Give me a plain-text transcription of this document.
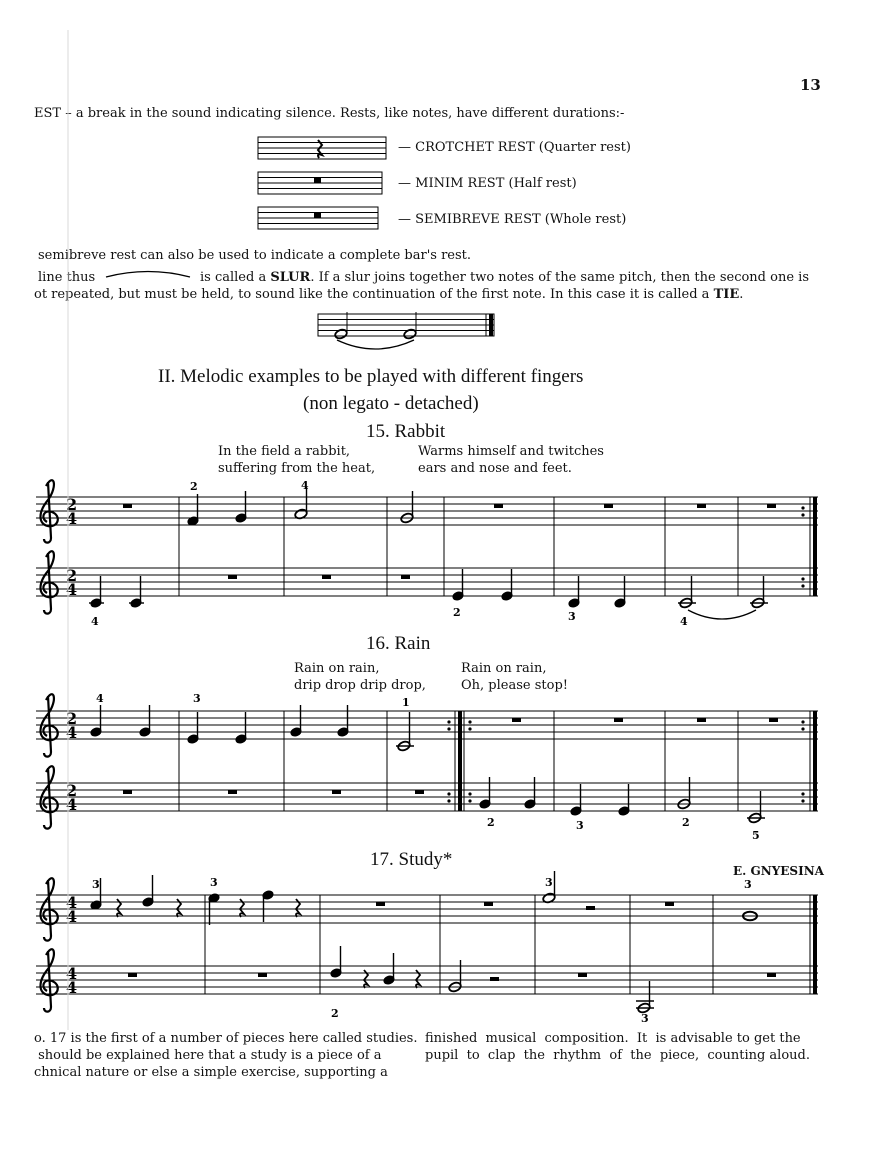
13
EST – a break in the sound indicating silence. Rests, like notes, have different durations:-
— CROTCHET REST (Quarter rest)
— MINIM REST (Half rest)
— SEMIBREVE REST (Whole rest)
semibreve rest can also be used to indicate a complete bar's rest.
line thus	is called a SLUR. If a slur joins together two notes of the same pitch, then the second one is
ot repeated, but must be held, to sound like the continuation of the first note. In this case it is called a TIE.
II. Melodic examples to be played with different fingers
(non legato - detached)
15. Rabbit
In the field a rabbit,
suffering from the heat,
Warms himself and twitches
ears and nose and feet.
16. Rain
Rain on rain,
drip drop drip drop,
Rain on rain,
Oh, please stop!
17. Study*
E. GNYESINA
o. 17 is the first of a number of pieces here called studies.
should be explained here that a study is a piece of a
chnical nature or else a simple exercise, supporting a
finished  musical  composition.  It  is advisable to get the
pupil  to  clap  the  rhythm  of  the  piece,  counting aloud.
2
4
2
4
2	4
4
2	3	4
2
4
2
4
4	3	1
2	3	2
5
4
4
4
4
3	3	3	3
2	3
